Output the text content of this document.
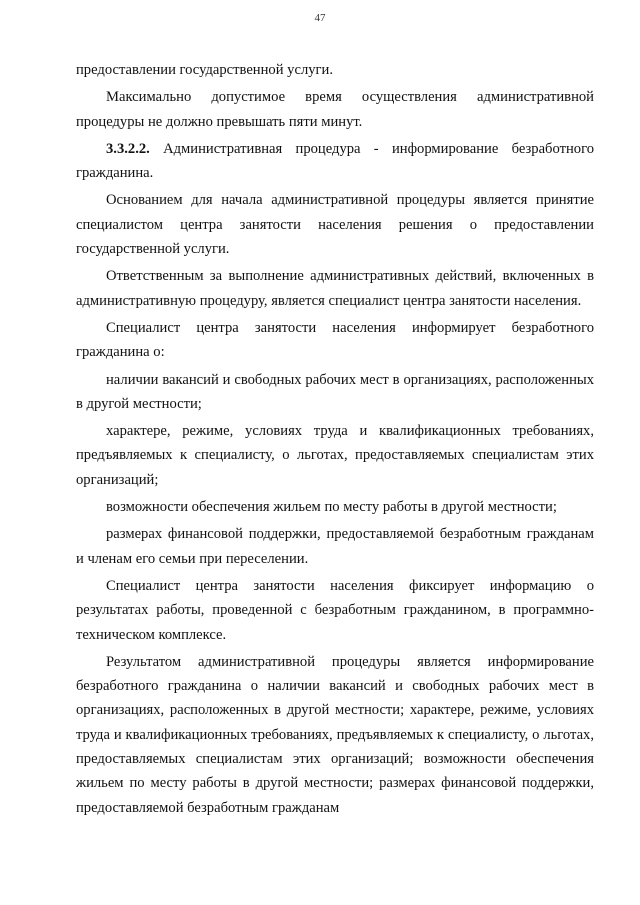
47

предоставлении государственной услуги.

Максимально допустимое время осуществления административной процедуры не должно превышать пяти минут.

3.3.2.2. Административная процедура - информирование безработного гражданина.

Основанием для начала административной процедуры является принятие специалистом центра занятости населения решения о предоставлении государственной услуги.

Ответственным за выполнение административных действий, включенных в административную процедуру, является специалист центра занятости населения.

Специалист центра занятости населения информирует безработного гражданина о:

наличии вакансий и свободных рабочих мест в организациях, расположенных в другой местности;

характере, режиме, условиях труда и квалификационных требованиях, предъявляемых к специалисту, о льготах, предоставляемых специалистам этих организаций;

возможности обеспечения жильем по месту работы в другой местности;

размерах финансовой поддержки, предоставляемой безработным гражданам и членам его семьи при переселении.

Специалист центра занятости населения фиксирует информацию о результатах работы, проведенной с безработным гражданином, в программно-техническом комплексе.

Результатом административной процедуры является информирование безработного гражданина о наличии вакансий и свободных рабочих мест в организациях, расположенных в другой местности; характере, режиме, условиях труда и квалификационных требованиях, предъявляемых к специалисту, о льготах, предоставляемых специалистам этих организаций; возможности обеспечения жильем по месту работы в другой местности; размерах финансовой поддержки, предоставляемой безработным гражданам
